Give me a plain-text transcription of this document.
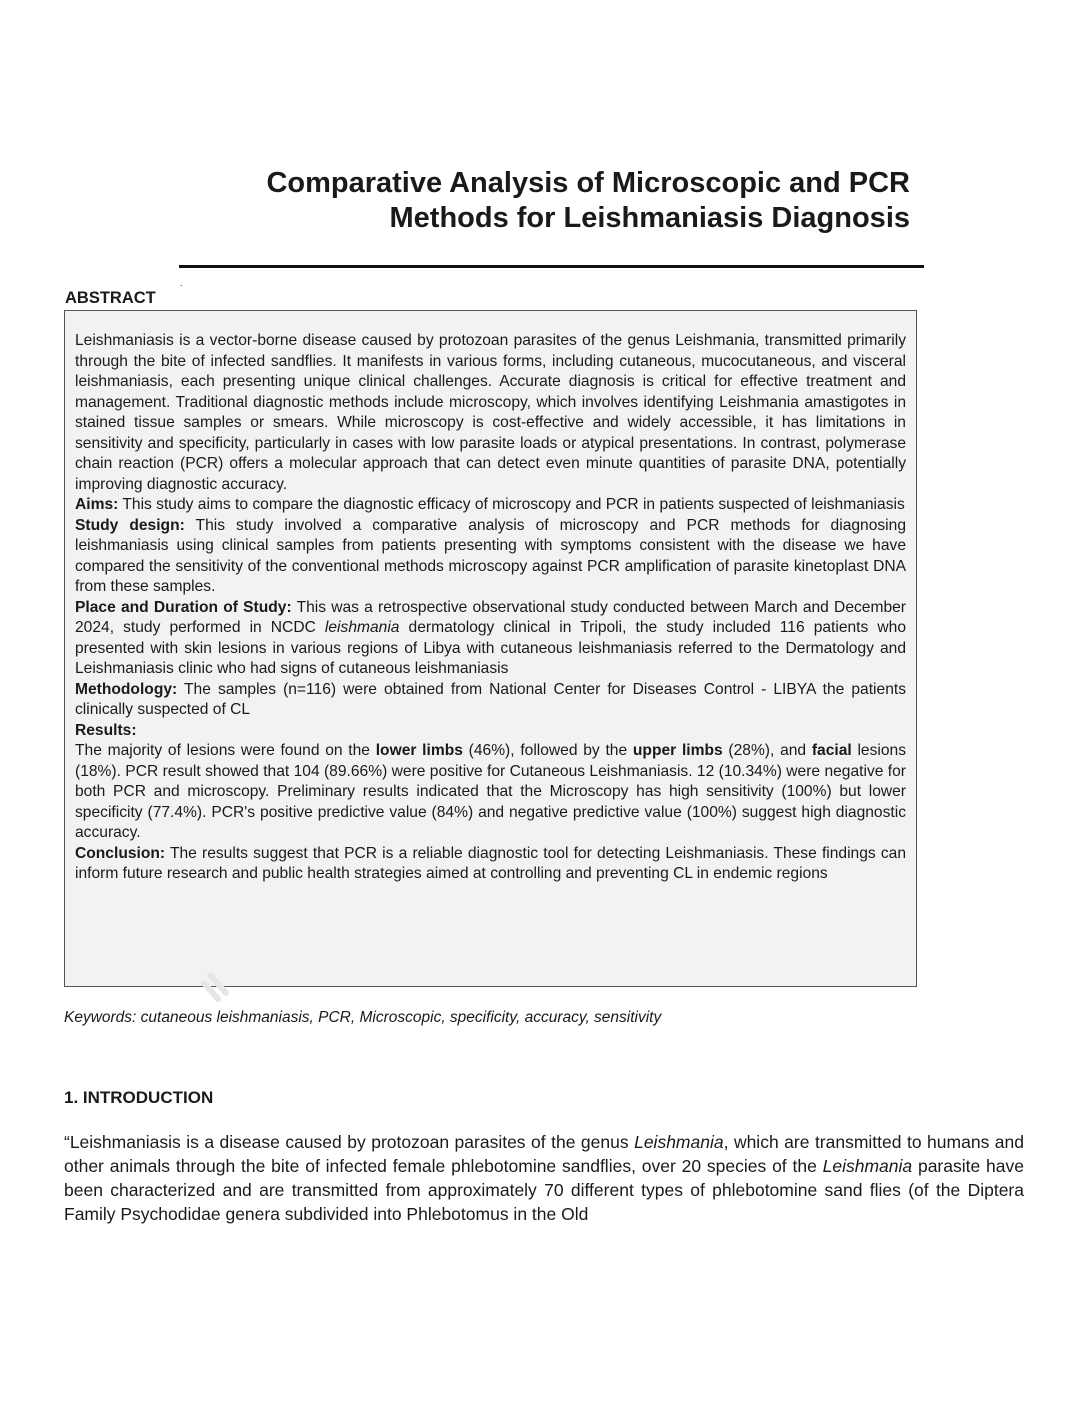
Comparative Analysis of Microscopic and PCR
Methods for Leishmaniasis Diagnosis
.
ABSTRACT

Leishmaniasis is a vector-borne disease caused by protozoan parasites of the genus Leishmania, transmitted primarily through the bite of infected sandflies. It manifests in various forms, including cutaneous, mucocutaneous, and visceral leishmaniasis, each presenting unique clinical challenges. Accurate diagnosis is critical for effective treatment and management. Traditional diagnostic methods include microscopy, which involves identifying Leishmania amastigotes in stained tissue samples or smears. While microscopy is cost-effective and widely accessible, it has limitations in sensitivity and specificity, particularly in cases with low parasite loads or atypical presentations. In contrast, polymerase chain reaction (PCR) offers a molecular approach that can detect even minute quantities of parasite DNA, potentially improving diagnostic accuracy.

Aims: This study aims to compare the diagnostic efficacy of microscopy and PCR in patients suspected of leishmaniasis

Study design: This study involved a comparative analysis of microscopy and PCR methods for diagnosing leishmaniasis using clinical samples from patients presenting with symptoms consistent with the disease we have compared the sensitivity of the conventional methods microscopy against PCR amplification of parasite kinetoplast DNA from these samples.

Place and Duration of Study: This was a retrospective observational study conducted between March and December 2024, study performed in NCDC leishmania dermatology clinical in Tripoli, the study included 116 patients who presented with skin lesions in various regions of Libya with cutaneous leishmaniasis referred to the Dermatology and Leishmaniasis clinic who had signs of cutaneous leishmaniasis

Methodology: The samples (n=116) were obtained from National Center for Diseases Control - LIBYA the patients clinically suspected of CL

Results:

The majority of lesions were found on the lower limbs (46%), followed by the upper limbs (28%), and facial lesions (18%). PCR result showed that 104 (89.66%) were positive for Cutaneous Leishmaniasis. 12 (10.34%) were negative for both PCR and microscopy. Preliminary results indicated that the Microscopy has high sensitivity (100%) but lower specificity (77.4%). PCR's positive predictive value (84%) and negative predictive value (100%) suggest high diagnostic accuracy.

Conclusion: The results suggest that PCR is a reliable diagnostic tool for detecting Leishmaniasis. These findings can inform future research and public health strategies aimed at controlling and preventing CL in endemic regions

Keywords: cutaneous leishmaniasis, PCR, Microscopic, specificity, accuracy, sensitivity
1. INTRODUCTION

“Leishmaniasis is a disease caused by protozoan parasites of the genus Leishmania, which are transmitted to humans and other animals through the bite of infected female phlebotomine sandflies, over 20 species of the Leishmania parasite have been characterized and are transmitted from approximately 70 different types of phlebotomine sand flies (of the Diptera Family Psychodidae genera subdivided into Phlebotomus in the Old
